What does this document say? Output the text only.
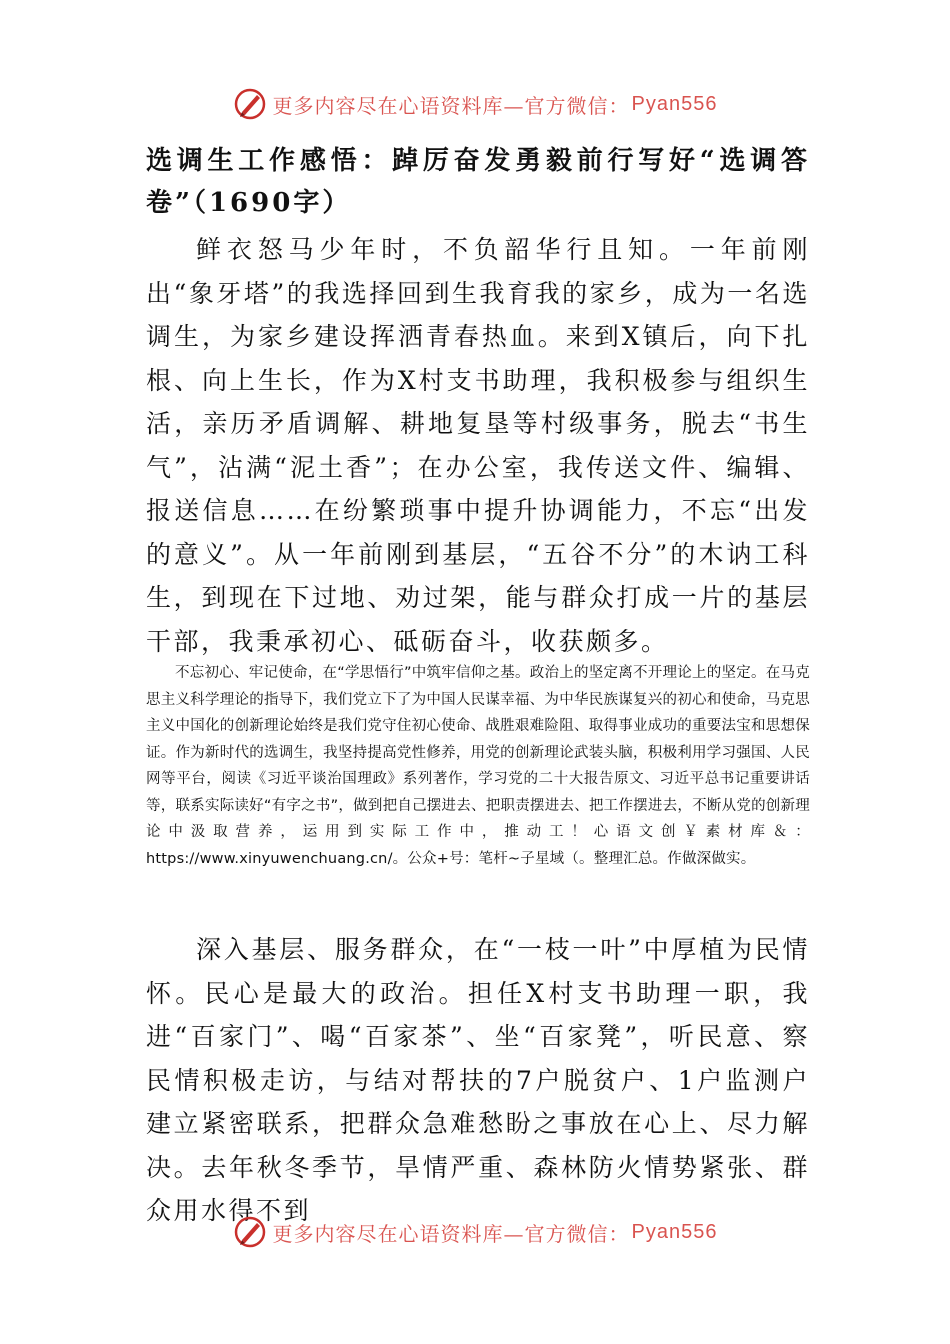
更多内容尽在心语资料库—官方微信： Pyan556
选调生工作感悟：踔厉奋发勇毅前行写好“选调答卷”（1690字）

鲜衣怒马少年时，不负韶华行且知。一年前刚出“象牙塔”的我选择回到生我育我的家乡，成为一名选调生，为家乡建设挥洒青春热血。来到X镇后，向下扎根、向上生长，作为X村支书助理，我积极参与组织生活，亲历矛盾调解、耕地复垦等村级事务，脱去“书生气”，沾满“泥土香”；在办公室，我传送文件、编辑、报送信息……在纷繁琐事中提升协调能力，不忘“出发的意义”。从一年前刚到基层，“五谷不分”的木讷工科生，到现在下过地、劝过架，能与群众打成一片的基层干部，我秉承初心、砥砺奋斗，收获颇多。

不忘初心、牢记使命，在“学思悟行”中筑牢信仰之基。政治上的坚定离不开理论上的坚定。在马克思主义科学理论的指导下，我们党立下了为中国人民谋幸福、为中华民族谋复兴的初心和使命，马克思主义中国化的创新理论始终是我们党守住初心使命、战胜艰难险阻、取得事业成功的重要法宝和思想保证。作为新时代的选调生，我坚持提高党性修养，用党的创新理论武装头脑，积极利用学习强国、人民网等平台，阅读《习近平谈治国理政》系列著作，学习党的二十大报告原文、习近平总书记重要讲话等，联系实际读好“有字之书”，做到把自己摆进去、把职责摆进去、把工作摆进去，不断从党的创新理论中汲取营养，运用到实际工作中，推动工！心语文创￥素材库＆：https://www.xinyuwenchuang.cn/。公众+号：笔杆~子星域（。整理汇总。作做深做实。

深入基层、服务群众，在“一枝一叶”中厚植为民情怀。民心是最大的政治。担任X村支书助理一职，我进“百家门”、喝“百家茶”、坐“百家凳”，听民意、察民情积极走访，与结对帮扶的7户脱贫户、1户监测户建立紧密联系，把群众急难愁盼之事放在心上、尽力解决。去年秋冬季节，旱情严重、森林防火情势紧张、群众用水得不到

更多内容尽在心语资料库—官方微信： Pyan556
